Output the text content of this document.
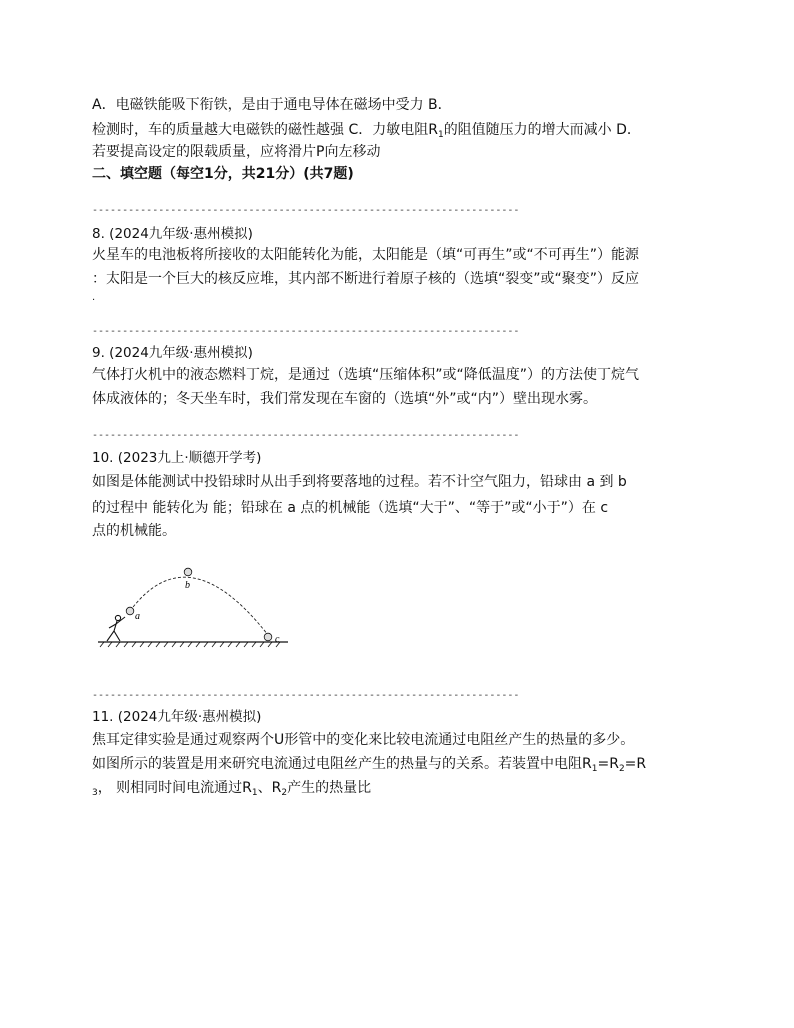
A．电磁铁能吸下衔铁，是由于通电导体在磁场中受力 B．
检测时，车的质量越大电磁铁的磁性越强 C．力敏电阻$R_1$的阻值随压力的增大而减小 D．
若要提高设定的限载质量，应将滑片P向左移动
二、填空题（每空1分，共21分）(共7题)
-----------------------------------------------------------------------
8. (2024九年级·惠州模拟)
火星车的电池板将所接收的太阳能转化为能，太阳能是（填“可再生”或“不可再生”）能源
：太阳是一个巨大的核反应堆，其内部不断进行着原子核的（选填“裂变”或“聚变”）反应
.
-----------------------------------------------------------------------
9. (2024九年级·惠州模拟)
气体打火机中的液态燃料丁烷，是通过（选填“压缩体积”或“降低温度”）的方法使丁烷气
体成液体的；冬天坐车时，我们常发现在车窗的（选填“外”或“内”）壁出现水雾。
-----------------------------------------------------------------------
10. (2023九上·顺德开学考)
如图是体能测试中投铅球时从出手到将要落地的过程。若不计空气阻力，铅球由 a 到 b
的过程中 能转化为 能；铅球在 a 点的机械能（选填“大于”、“等于”或“小于”）在 c
点的机械能。
a
b
c
-----------------------------------------------------------------------
11. (2024九年级·惠州模拟)
焦耳定律实验是通过观察两个U形管中的变化来比较电流通过电阻丝产生的热量的多少。
如图所示的装置是用来研究电流通过电阻丝产生的热量与的关系。若装置中电阻$R_1=R_2=R$
$_3$， 则相同时间电流通过$R_1$、$R_2$产生的热量比
